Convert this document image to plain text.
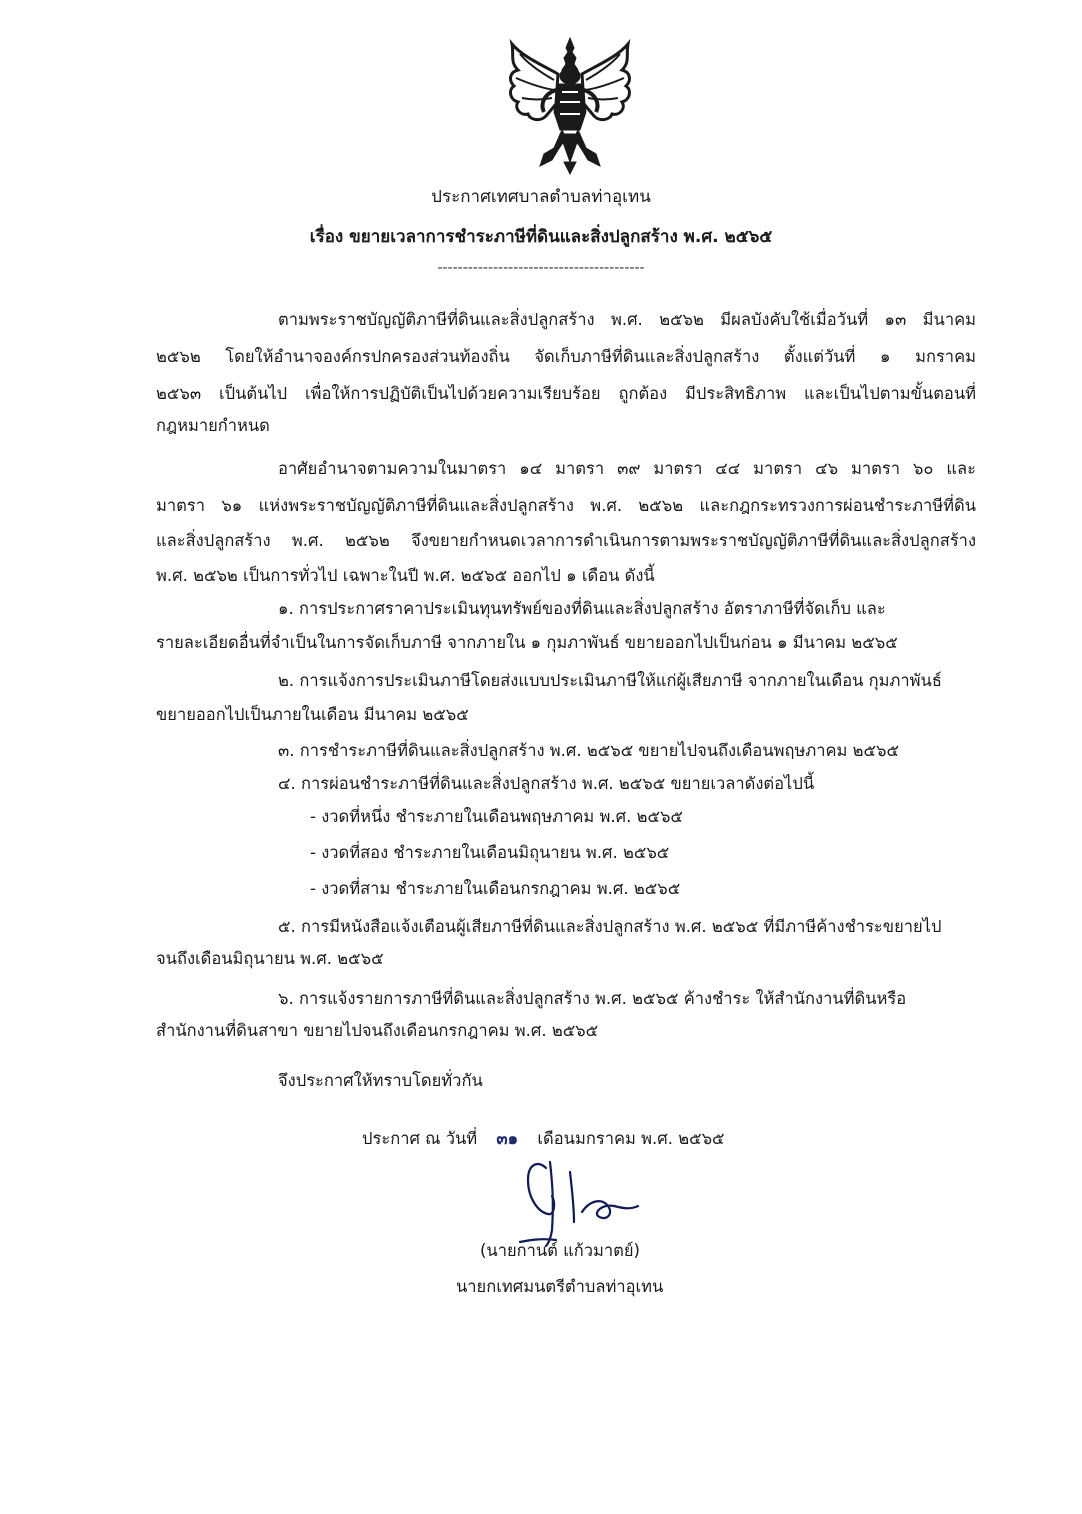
ประกาศเทศบาลตำบลท่าอุเทน
เรื่อง ขยายเวลาการชำระภาษีที่ดินและสิ่งปลูกสร้าง พ.ศ. ๒๕๖๕
-----------------------------------------
ตามพระราชบัญญัติภาษีที่ดินและสิ่งปลูกสร้าง พ.ศ. ๒๕๖๒ มีผลบังคับใช้เมื่อวันที่ ๑๓ มีนาคม
๒๕๖๒ โดยให้อำนาจองค์กรปกครองส่วนท้องถิ่น จัดเก็บภาษีที่ดินและสิ่งปลูกสร้าง ตั้งแต่วันที่ ๑ มกราคม
๒๕๖๓ เป็นต้นไป เพื่อให้การปฏิบัติเป็นไปด้วยความเรียบร้อย ถูกต้อง มีประสิทธิภาพ และเป็นไปตามขั้นตอนที่
กฎหมายกำหนด
อาศัยอำนาจตามความในมาตรา ๑๔ มาตรา ๓๙ มาตรา ๔๔ มาตรา ๔๖ มาตรา ๖๐ และ
มาตรา ๖๑ แห่งพระราชบัญญัติภาษีที่ดินและสิ่งปลูกสร้าง พ.ศ. ๒๕๖๒ และกฎกระทรวงการผ่อนชำระภาษีที่ดิน
และสิ่งปลูกสร้าง พ.ศ. ๒๕๖๒ จึงขยายกำหนดเวลาการดำเนินการตามพระราชบัญญัติภาษีที่ดินและสิ่งปลูกสร้าง
พ.ศ. ๒๕๖๒ เป็นการทั่วไป เฉพาะในปี พ.ศ. ๒๕๖๕ ออกไป ๑ เดือน ดังนี้
๑. การประกาศราคาประเมินทุนทรัพย์ของที่ดินและสิ่งปลูกสร้าง อัตราภาษีที่จัดเก็บ และ
รายละเอียดอื่นที่จำเป็นในการจัดเก็บภาษี จากภายใน ๑ กุมภาพันธ์ ขยายออกไปเป็นก่อน ๑ มีนาคม ๒๕๖๕
๒. การแจ้งการประเมินภาษีโดยส่งแบบประเมินภาษีให้แก่ผู้เสียภาษี จากภายในเดือน กุมภาพันธ์
ขยายออกไปเป็นภายในเดือน มีนาคม ๒๕๖๕
๓. การชำระภาษีที่ดินและสิ่งปลูกสร้าง พ.ศ. ๒๕๖๕ ขยายไปจนถึงเดือนพฤษภาคม ๒๕๖๕
๔. การผ่อนชำระภาษีที่ดินและสิ่งปลูกสร้าง พ.ศ. ๒๕๖๕ ขยายเวลาดังต่อไปนี้
- งวดที่หนึ่ง ชำระภายในเดือนพฤษภาคม พ.ศ. ๒๕๖๕
- งวดที่สอง ชำระภายในเดือนมิถุนายน พ.ศ. ๒๕๖๕
- งวดที่สาม ชำระภายในเดือนกรกฎาคม พ.ศ. ๒๕๖๕
๕. การมีหนังสือแจ้งเตือนผู้เสียภาษีที่ดินและสิ่งปลูกสร้าง พ.ศ. ๒๕๖๕ ที่มีภาษีค้างชำระขยายไป
จนถึงเดือนมิถุนายน พ.ศ. ๒๕๖๕
๖. การแจ้งรายการภาษีที่ดินและสิ่งปลูกสร้าง พ.ศ. ๒๕๖๕ ค้างชำระ ให้สำนักงานที่ดินหรือ
สำนักงานที่ดินสาขา ขยายไปจนถึงเดือนกรกฎาคม พ.ศ. ๒๕๖๕
จึงประกาศให้ทราบโดยทั่วกัน
ประกาศ ณ วันที่ ๓๑ เดือนมกราคม พ.ศ. ๒๕๖๕
(นายกานต์ แก้วมาตย์)
นายกเทศมนตรีตำบลท่าอุเทน
